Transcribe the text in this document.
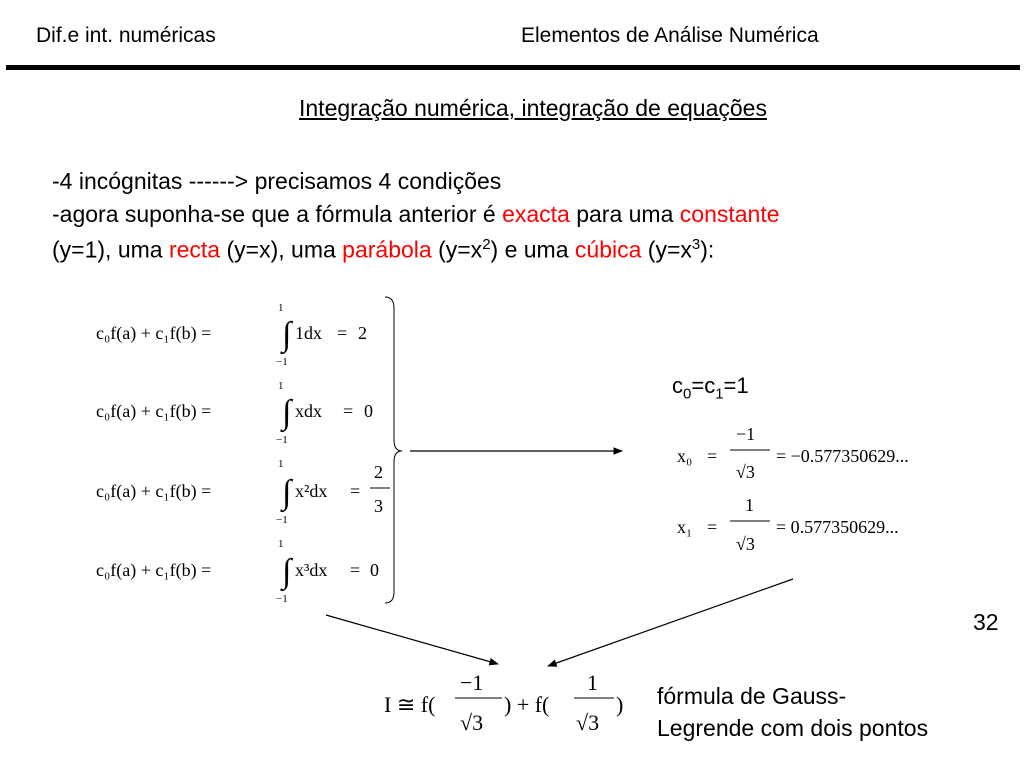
Dif.e int. numéricas	Elementos de Análise Numérica
Integração numérica, integração de equações
-4 incógnitas ------> precisamos 4 condições
-agora suponha-se que a fórmula anterior é exacta para uma constante
(y=1), uma recta (y=x), uma parábola $(y=x^2)$ e uma cúbica $(y=x^3)$:
c₀f(a) + c₁f(b) =
1
∫
−1
1dx = 2
c₀f(a) + c₁f(b) =
1
∫
−1
xdx = 0
c₀f(a) + c₁f(b) =
1
∫
−1
x²dx =
2
3
c₀f(a) + c₁f(b) =
1
∫
−1
x³dx = 0
x₀ =
−1
√3
= −0.577350629...
x₁ =
1
√3
= 0.577350629...
I ≅ f(
−1
√3
) + f(
1
√3
)
$c_0=c_1=1$
32
fórmula de Gauss-
Legrende com dois pontos
